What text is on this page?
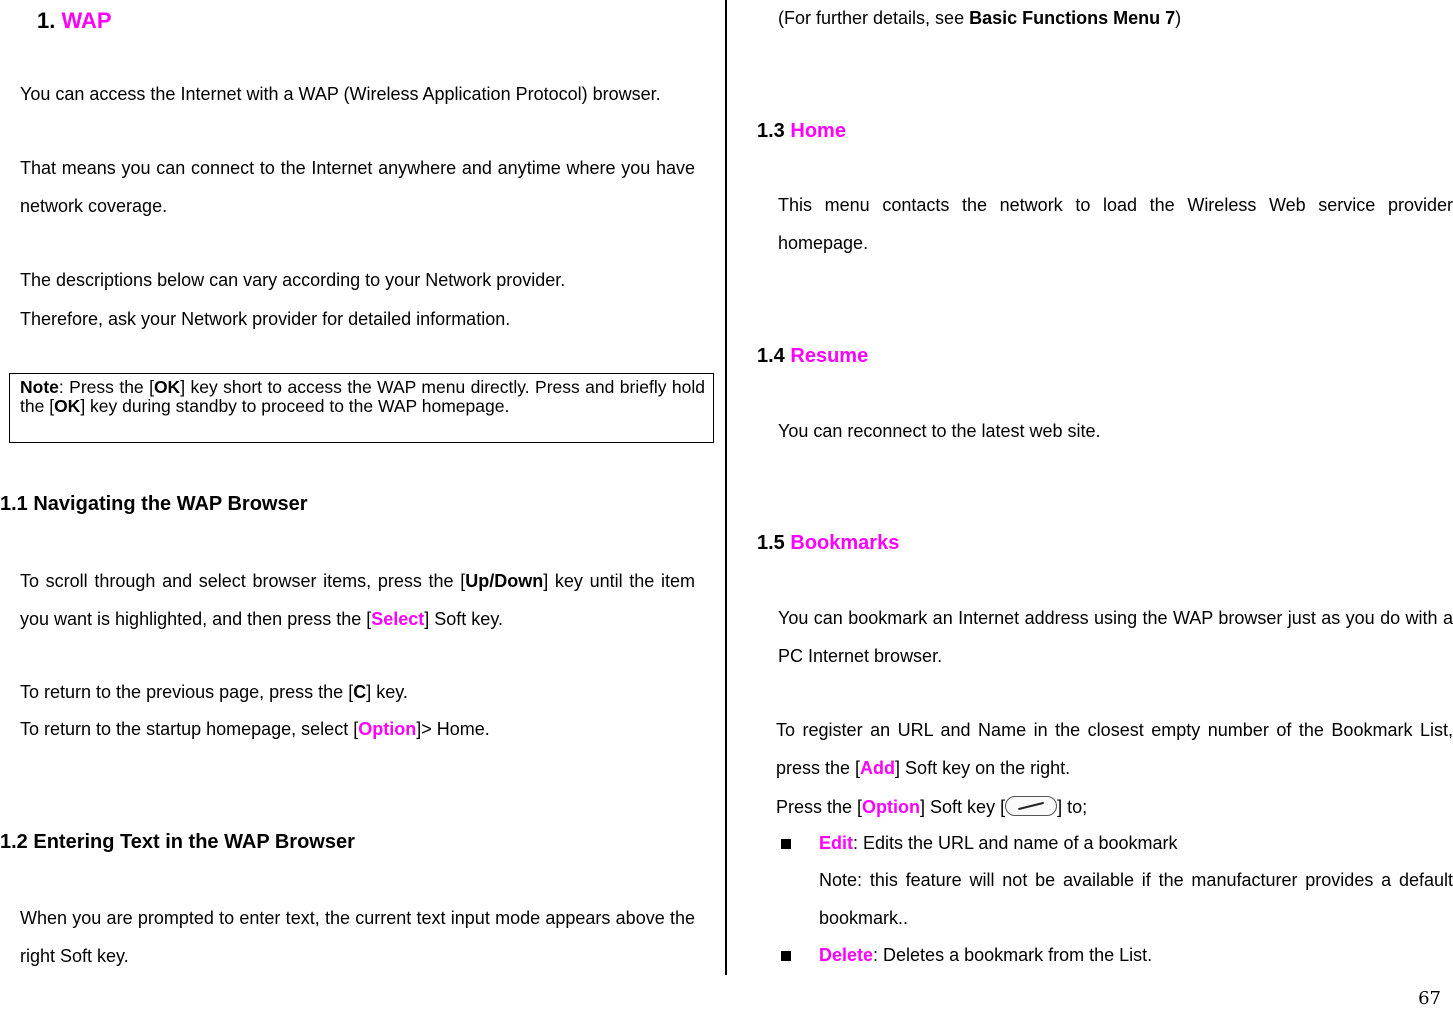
1. WAP
You can access the Internet with a WAP (Wireless Application Protocol) browser.
That means you can connect to the Internet anywhere and anytime where you have network coverage.
The descriptions below can vary according to your Network provider.
Therefore, ask your Network provider for detailed information.
Note: Press the [OK] key short to access the WAP menu directly. Press and briefly hold the [OK] key during standby to proceed to the WAP homepage.
1.1 Navigating the WAP Browser
To scroll through and select browser items, press the [Up/Down] key until the item you want is highlighted, and then press the [Select] Soft key.
To return to the previous page, press the [C] key.
To return to the startup homepage, select [Option]> Home.
1.2 Entering Text in the WAP Browser
When you are prompted to enter text, the current text input mode appears above the right Soft key.
(For further details, see Basic Functions Menu 7)
1.3 Home
This menu contacts the network to load the Wireless Web service provider homepage.
1.4 Resume
You can reconnect to the latest web site.
1.5 Bookmarks
You can bookmark an Internet address using the WAP browser just as you do with a PC Internet browser.
To register an URL and Name in the closest empty number of the Bookmark List, press the [Add] Soft key on the right.
Press the [Option] Soft key [	] to;
Edit: Edits the URL and name of a bookmark
Note: this feature will not be available if the manufacturer provides a default bookmark..
Delete: Deletes a bookmark from the List.
67
